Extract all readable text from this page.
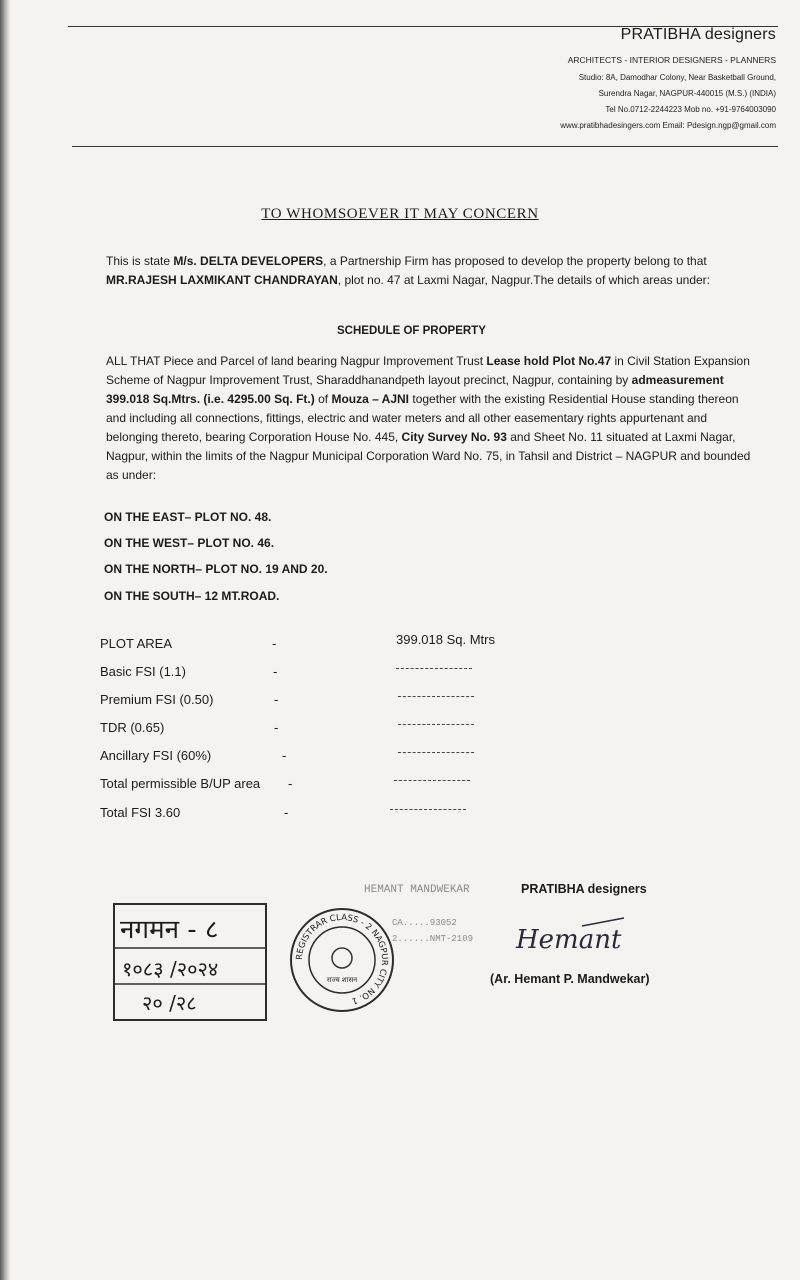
PRATIBHA designers
ARCHITECTS - INTERIOR DESIGNERS - PLANNERS
Studio: 8A, Damodhar Colony, Near Basketball Ground,
Surendra Nagar, NAGPUR-440015 (M.S.) (INDIA)
Tel No.0712-2244223 Mob no. +91-9764003090
www.pratibhadesingers.com Email: Pdesign.ngp@gmail.com
TO WHOMSOEVER IT MAY CONCERN

This is state M/s. DELTA DEVELOPERS, a Partnership Firm has proposed to develop the property belong to that MR.RAJESH LAXMIKANT CHANDRAYAN, plot no. 47 at Laxmi Nagar, Nagpur.The details of which areas under:

SCHEDULE OF PROPERTY

ALL THAT Piece and Parcel of land bearing Nagpur Improvement Trust Lease hold Plot No.47 in Civil Station Expansion Scheme of Nagpur Improvement Trust, Sharaddhanandpeth layout precinct, Nagpur, containing by admeasurement 399.018 Sq.Mtrs. (i.e. 4295.00 Sq. Ft.) of Mouza – AJNI together with the existing Residential House standing thereon and including all connections, fittings, electric and water meters and all other easementary rights appurtenant and belonging thereto, bearing Corporation House No. 445, City Survey No. 93 and Sheet No. 11 situated at Laxmi Nagar, Nagpur, within the limits of the Nagpur Municipal Corporation Ward No. 75, in Tahsil and District – NAGPUR and bounded as under:

ON THE EAST– PLOT NO. 48.
ON THE WEST– PLOT NO. 46.
ON THE NORTH– PLOT NO. 19 AND 20.
ON THE SOUTH– 12 MT.ROAD.
PLOT AREA	-	399.018 Sq. Mtrs
Basic FSI (1.1)	-
Premium FSI (0.50)	-
TDR (0.65)	-
Ancillary FSI (60%)	-
Total permissible B/UP area -
Total FSI 3.60	-
HEMANT MANDWEKAR
CA.....93052
2......NMT-2109
PRATIBHA designers
Hemant
(Ar. Hemant P. Mandwekar)
नगमन - ८
१०८३ /२०२४
२० /२८
REGISTRAR CLASS - 2 NAGPUR CITY NO. 1
राज्य शासन
